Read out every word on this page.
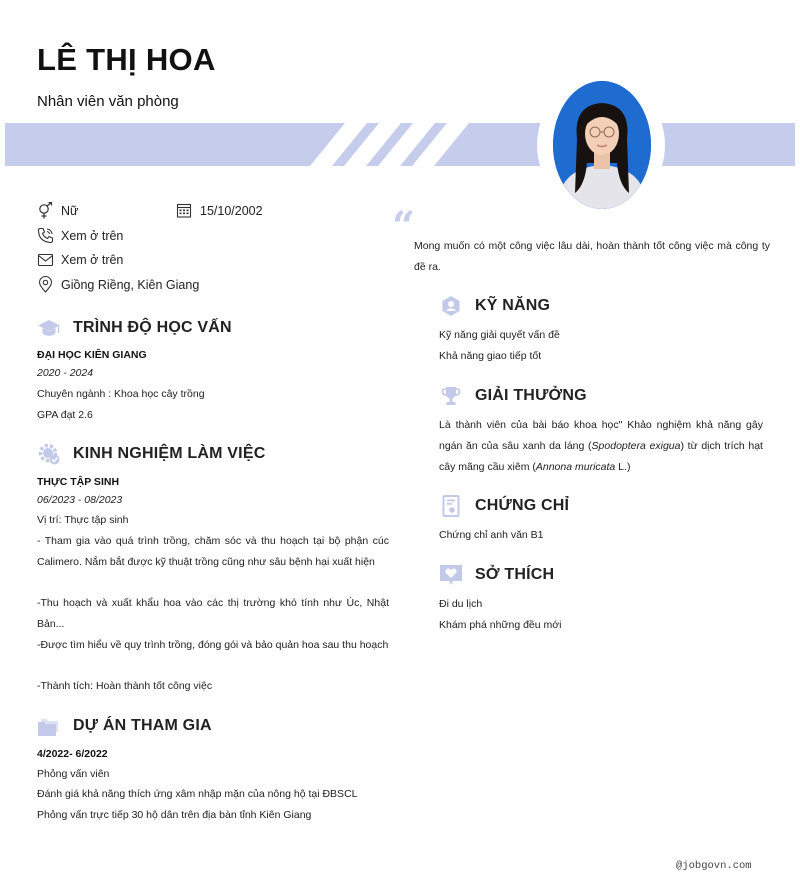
LÊ THỊ HOA
Nhân viên văn phòng
Nữ	15/10/2002
Xem ở trên
Xem ở trên
Giồng Riềng, Kiên Giang
TRÌNH ĐỘ HỌC VẤN
ĐẠI HỌC KIÊN GIANG
2020 - 2024
Chuyên ngành : Khoa học cây trồng
GPA đạt 2.6
KINH NGHIỆM LÀM VIỆC
THỰC TẬP SINH
06/2023 - 08/2023
Vị trí: Thực tập sinh
- Tham gia vào quá trình trồng, chăm sóc và thu hoạch tại bộ phận cúc Calimero. Nắm bắt được kỹ thuật trồng cũng như sâu bệnh hại xuất hiện
-Thu hoạch và xuất khẩu hoa vào các thị trường khó tính như Úc, Nhật Bản...
-Được tìm hiểu về quy trình trồng, đóng gói và bảo quản hoa sau thu hoạch
-Thành tích: Hoàn thành tốt công việc
DỰ ÁN THAM GIA
4/2022- 6/2022
Phỏng vấn viên
Đánh giá khả năng thích ứng xâm nhập mặn của nông hộ tại ĐBSCL
Phỏng vấn trực tiếp 30 hộ dân trên địa bàn tỉnh Kiên Giang
“
Mong muốn có một công việc lâu dài, hoàn thành tốt công việc mà công ty đề ra.
KỸ NĂNG
Kỹ năng giải quyết vấn đề
Khả năng giao tiếp tốt
GIẢI THƯỞNG
Là thành viên của bài báo khoa học" Khảo nghiệm khả năng gây ngán ăn của sâu xanh da láng (Spodoptera exigua) từ dịch trích hạt cây mãng cầu xiêm (Annona muricata L.)
CHỨNG CHỈ
Chứng chỉ anh văn B1
SỞ THÍCH
Đi du lịch
Khám phá những đều mới
@jobgovn.com
